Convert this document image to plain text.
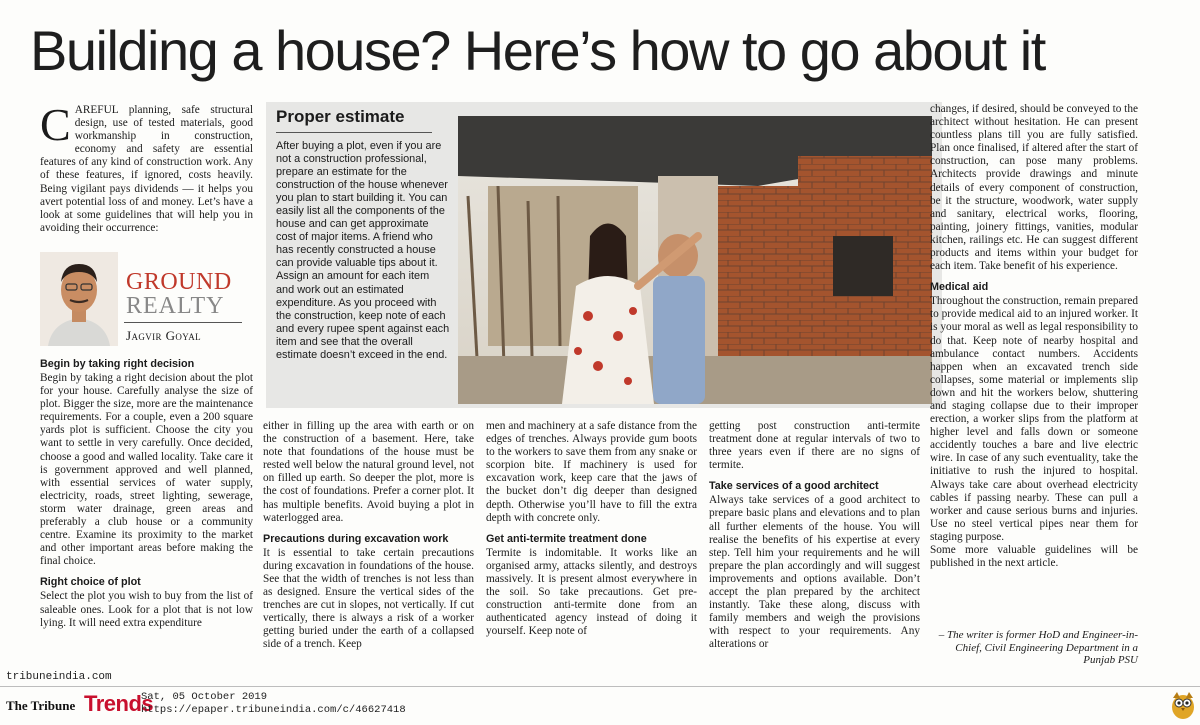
Building a house? Here’s how to go about it

CAREFUL planning, safe structural design, use of tested materials, good workmanship in construction, economy and safety are essential features of any kind of construction work. Any of these features, if ignored, costs heavily. Being vigilant pays dividends — it helps you avert potential loss of and money. Let’s have a look at some guidelines that will help you in avoiding their occurrence:

GROUND
REALTY
Jagvir Goyal
Begin by taking right decision

Begin by taking a right decision about the plot for your house. Carefully analyse the size of plot. Bigger the size, more are the maintenance requirements. For a couple, even a 200 square yards plot is sufficient. Choose the city you want to settle in very carefully. Once decided, choose a good and walled locality. Take care it is government approved and well planned, with essential services of water supply, electricity, roads, street lighting, sewerage, storm water drainage, green areas and preferably a club house or a community centre. Examine its proximity to the market and other important areas before making the final choice.

Right choice of plot

Select the plot you wish to buy from the list of saleable ones. Look for a plot that is not low lying. It will need extra expenditure

Proper estimate
After buying a plot, even if you are not a construction professional, prepare an estimate for the construction of the house whenever you plan to start building it. You can easily list all the components of the house and can get approximate cost of major items. A friend who has recently constructed a house can provide valuable tips about it. Assign an amount for each item and work out an estimated expenditure. As you proceed with the construction, keep note of each and every rupee spent against each item and see that the overall estimate doesn’t exceed in the end.

either in filling up the area with earth or on the construction of a basement. Here, take note that foundations of the house must be rested well below the natural ground level, not on filled up earth. So deeper the plot, more is the cost of foundations. Prefer a corner plot. It has multiple benefits. Avoid buying a plot in waterlogged area.

Precautions during excavation work

It is essential to take certain precautions during excavation in foundations of the house. See that the width of trenches is not less than as designed. Ensure the vertical sides of the trenches are cut in slopes, not vertically. If cut vertically, there is always a risk of a worker getting buried under the earth of a collapsed side of a trench. Keep

men and machinery at a safe distance from the edges of trenches. Always provide gum boots to the workers to save them from any snake or scorpion bite. If machinery is used for excavation work, keep care that the jaws of the bucket don’t dig deeper than designed depth. Otherwise you’ll have to fill the extra depth with concrete only.

Get anti-termite treatment done

Termite is indomitable. It works like an organised army, attacks silently, and destroys massively. It is present almost everywhere in the soil. So take precautions. Get pre-construction anti-termite done from an authenticated agency instead of doing it yourself. Keep note of

getting post construction anti-termite treatment done at regular intervals of two to three years even if there are no signs of termite.

Take services of a good architect

Always take services of a good architect to prepare basic plans and elevations and to plan all further elements of the house. You will realise the benefits of his expertise at every step. Tell him your requirements and he will prepare the plan accordingly and will suggest improvements and options available. Don’t accept the plan prepared by the architect instantly. Take these along, discuss with family members and weigh the provisions with respect to your requirements. Any alterations or

changes, if desired, should be conveyed to the architect without hesitation. He can present countless plans till you are fully satisfied. Plan once finalised, if altered after the start of construction, can pose many problems. Architects provide drawings and minute details of every component of construction, be it the structure, woodwork, water supply and sanitary, electrical works, flooring, painting, joinery fittings, vanities, modular kitchen, railings etc. He can suggest different products and items within your budget for each item. Take benefit of his experience.

Medical aid

Throughout the construction, remain prepared to provide medical aid to an injured worker. It is your moral as well as legal responsibility to do that. Keep note of nearby hospital and ambulance contact numbers. Accidents happen when an excavated trench side collapses, some material or implements slip down and hit the workers below, shuttering and staging collapse due to their improper erection, a worker slips from the platform at higher level and falls down or someone accidently touches a bare and live electric wire. In case of any such eventuality, take the initiative to rush the injured to hospital. Always take care about overhead electricity cables if passing nearby. These can pull a worker and cause serious burns and injuries. Use no steel vertical pipes near them for staging purpose.

Some more valuable guidelines will be published in the next article.

– The writer is former HoD and Engineer-in-Chief, Civil Engineering Department in a Punjab PSU
tribuneindia.com
The Tribune Trends
Sat, 05 October 2019
https://epaper.tribuneindia.com/c/46627418
